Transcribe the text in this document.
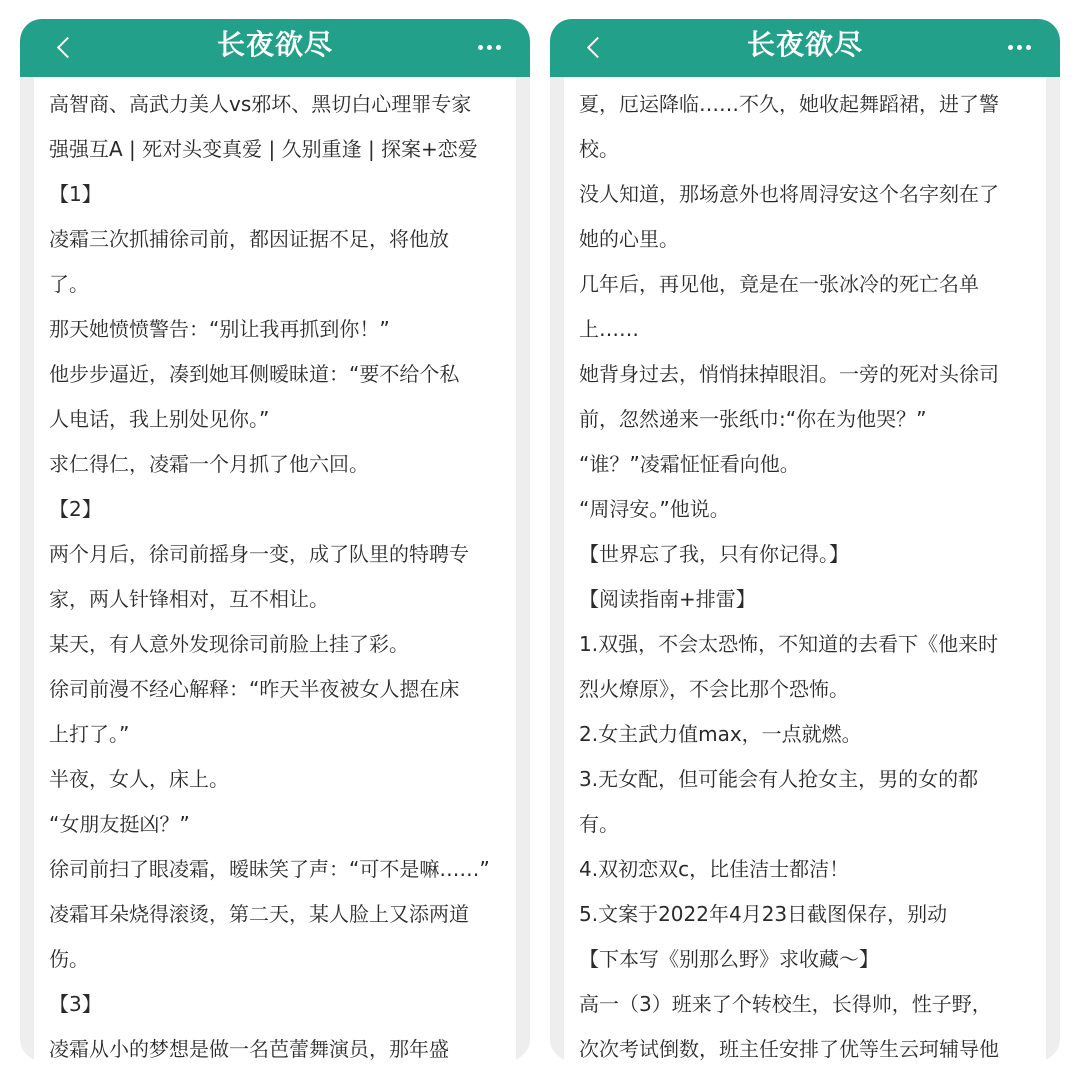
长夜欲尽
高智商、高武力美人vs邪坏、黑切白心理罪专家
强强互A | 死对头变真爱 | 久别重逢 | 探案+恋爱
【1】
凌霜三次抓捕徐司前，都因证据不足，将他放
了。
那天她愤愤警告：“别让我再抓到你！”
他步步逼近，凑到她耳侧暧昧道：“要不给个私
人电话，我上别处见你。”
求仁得仁，凌霜一个月抓了他六回。
【2】
两个月后，徐司前摇身一变，成了队里的特聘专
家，两人针锋相对，互不相让。
某天，有人意外发现徐司前脸上挂了彩。
徐司前漫不经心解释：“昨天半夜被女人摁在床
上打了。”
半夜，女人，床上。
“女朋友挺凶？”
徐司前扫了眼凌霜，暧昧笑了声：“可不是嘛……”
凌霜耳朵烧得滚烫，第二天，某人脸上又添两道
伤。
【3】
凌霜从小的梦想是做一名芭蕾舞演员，那年盛
长夜欲尽
夏，厄运降临……不久，她收起舞蹈裙，进了警
校。
没人知道，那场意外也将周浔安这个名字刻在了
她的心里。
几年后，再见他，竟是在一张冰冷的死亡名单
上……
她背身过去，悄悄抹掉眼泪。一旁的死对头徐司
前，忽然递来一张纸巾:“你在为他哭？”
“谁？”凌霜怔怔看向他。
“周浔安。”他说。
【世界忘了我，只有你记得。】
【阅读指南+排雷】
1.双强，不会太恐怖，不知道的去看下《他来时
烈火燎原》，不会比那个恐怖。
2.女主武力值max，一点就燃。
3.无女配，但可能会有人抢女主，男的女的都
有。
4.双初恋双c，比佳洁士都洁！
5.文案于2022年4月23日截图保存，别动
【下本写《别那么野》求收藏～】
高一（3）班来了个转校生，长得帅，性子野，
次次考试倒数，班主任安排了优等生云珂辅导他
